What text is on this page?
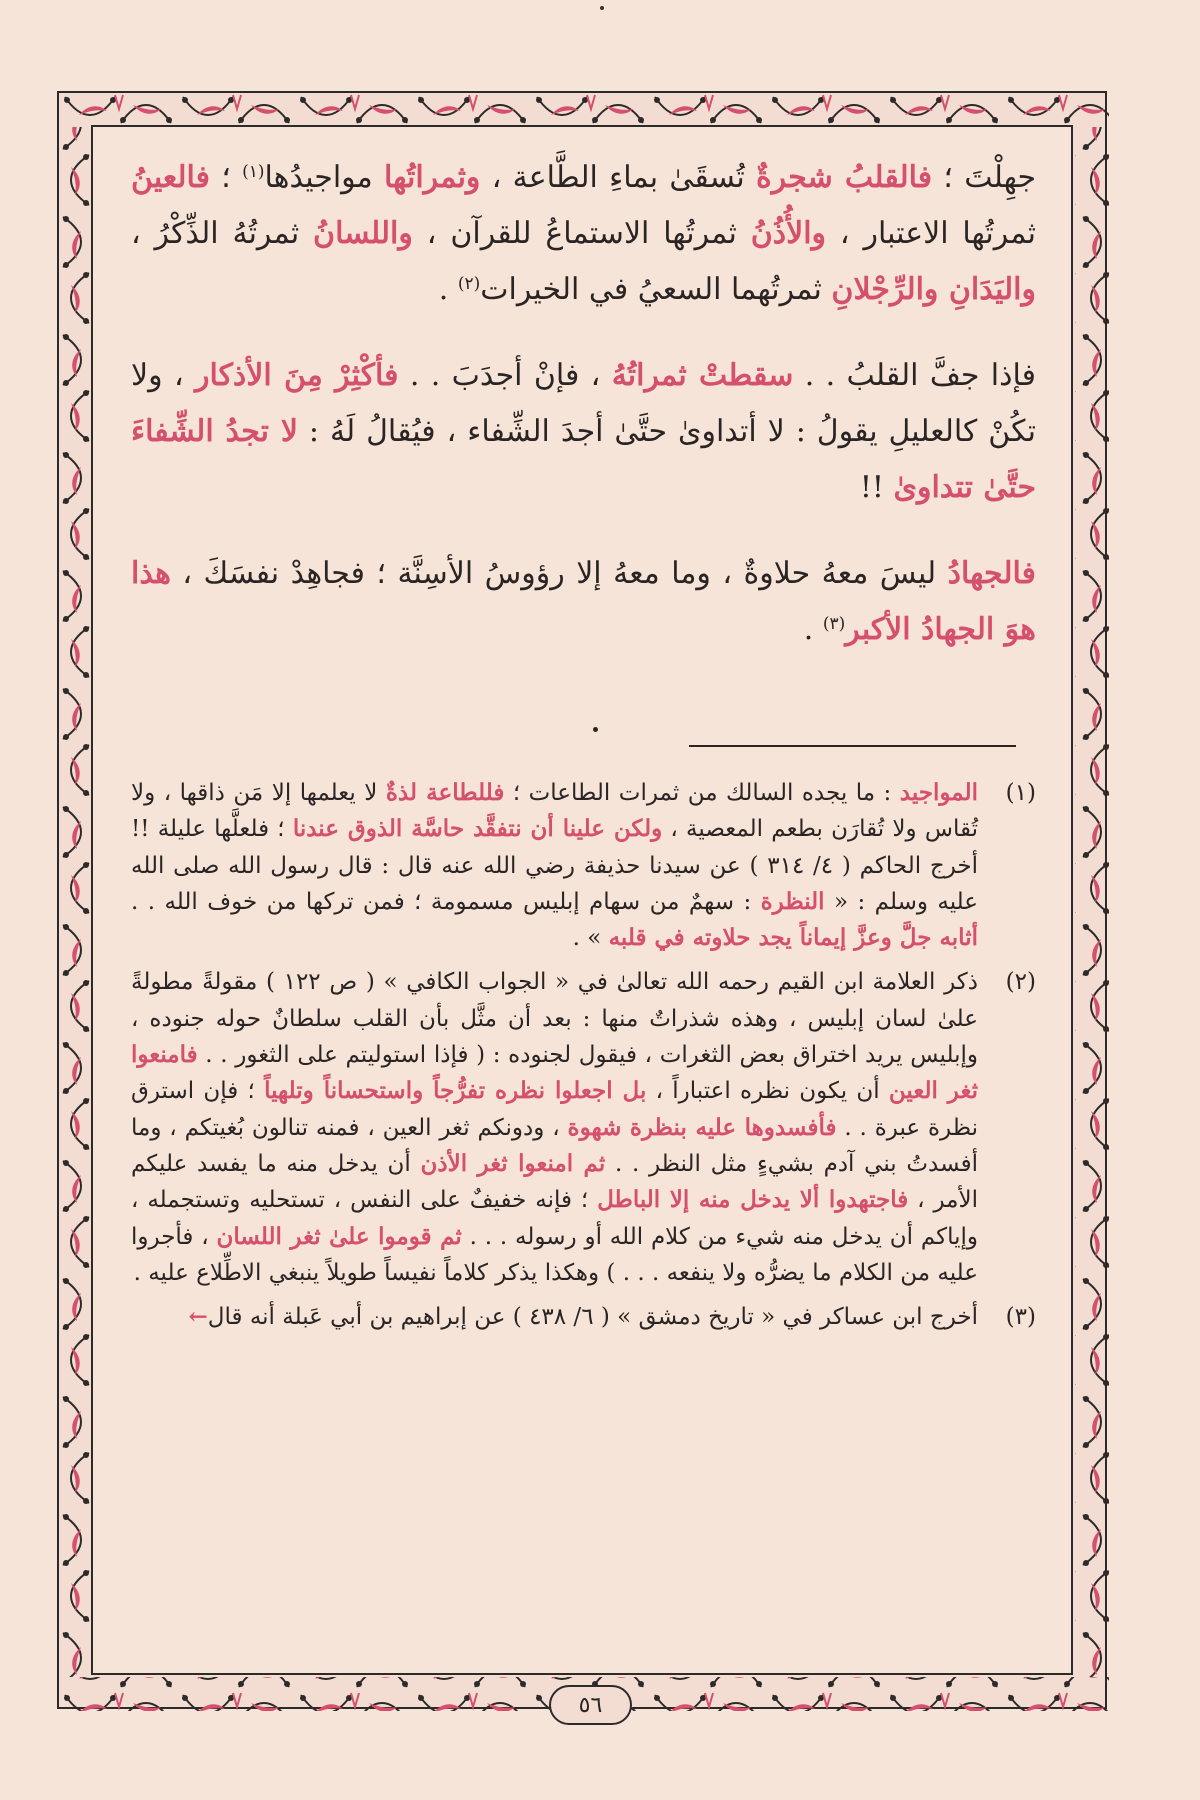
جهِلْتَ ؛ فالقلبُ شجرةٌ تُسقَىٰ بماءِ الطَّاعة ، وثمراتُها مواجيدُها$^{(١)}$ ؛ فالعينُ ثمرتُها الاعتبار ، والأُذُنُ ثمرتُها الاستماعُ للقرآن ، واللسانُ ثمرتُهُ الذِّكْرُ ، واليَدَانِ والرِّجْلانِ ثمرتُهما السعيُ في الخيرات$^{(٢)}$ .

فإذا جفَّ القلبُ . . سقطتْ ثمراتُهُ ، فإنْ أجدَبَ . . فأكْثِرْ مِنَ الأذكار ، ولا تكُنْ كالعليلِ يقولُ : لا أتداوىٰ حتَّىٰ أجدَ الشِّفاء ، فيُقالُ لَهُ : لا تجدُ الشِّفاءَ حتَّىٰ تتداوىٰ !!

فالجهادُ ليسَ معهُ حلاوةٌ ، وما معهُ إلا رؤوسُ الأسِنَّة ؛ فجاهِدْ نفسَكَ ، هذا هوَ الجهادُ الأكبر$^{(٣)}$ .

(١)
المواجيد : ما يجده السالك من ثمرات الطاعات ؛ فللطاعة لذةٌ لا يعلمها إلا مَن ذاقها ، ولا تُقاس ولا تُقارَن بطعم المعصية ، ولكن علينا أن نتفقَّد حاسَّة الذوق عندنا ؛ فلعلَّها عليلة !! أخرج الحاكم ( ٤/ ٣١٤ ) عن سيدنا حذيفة رضي الله عنه قال : قال رسول الله صلى الله عليه وسلم : « النظرة : سهمٌ من سهام إبليس مسمومة ؛ فمن تركها من خوف الله . . أثابه جلَّ وعزَّ إيماناً يجد حلاوته في قلبه » .
(٢)
ذكر العلامة ابن القيم رحمه الله تعالىٰ في « الجواب الكافي » ( ص ١٢٢ ) مقولةً مطولةً علىٰ لسان إبليس ، وهذه شذراتٌ منها : بعد أن مثَّل بأن القلب سلطانٌ حوله جنوده ، وإبليس يريد اختراق بعض الثغرات ، فيقول لجنوده : ( فإذا استوليتم على الثغور . . فامنعوا ثغر العين أن يكون نظره اعتباراً ، بل اجعلوا نظره تفرُّجاً واستحساناً وتلهياً ؛ فإن استرق نظرة عبرة . . فأفسدوها عليه بنظرة شهوة ، ودونكم ثغر العين ، فمنه تنالون بُغيتكم ، وما أفسدتُ بني آدم بشيءٍ مثل النظر . . ثم امنعوا ثغر الأذن أن يدخل منه ما يفسد عليكم الأمر ، فاجتهدوا ألا يدخل منه إلا الباطل ؛ فإنه خفيفٌ على النفس ، تستحليه وتستجمله ، وإياكم أن يدخل منه شيء من كلام الله أو رسوله . . . ثم قوموا علىٰ ثغر اللسان ، فأجروا عليه من الكلام ما يضرُّه ولا ينفعه . . . ) وهكذا يذكر كلاماً نفيساً طويلاً ينبغي الاطِّلاع عليه .
(٣)
أخرج ابن عساكر في « تاريخ دمشق » ( ٦/ ٤٣٨ ) عن إبراهيم بن أبي عَبلة أنه قال←
٥٦
